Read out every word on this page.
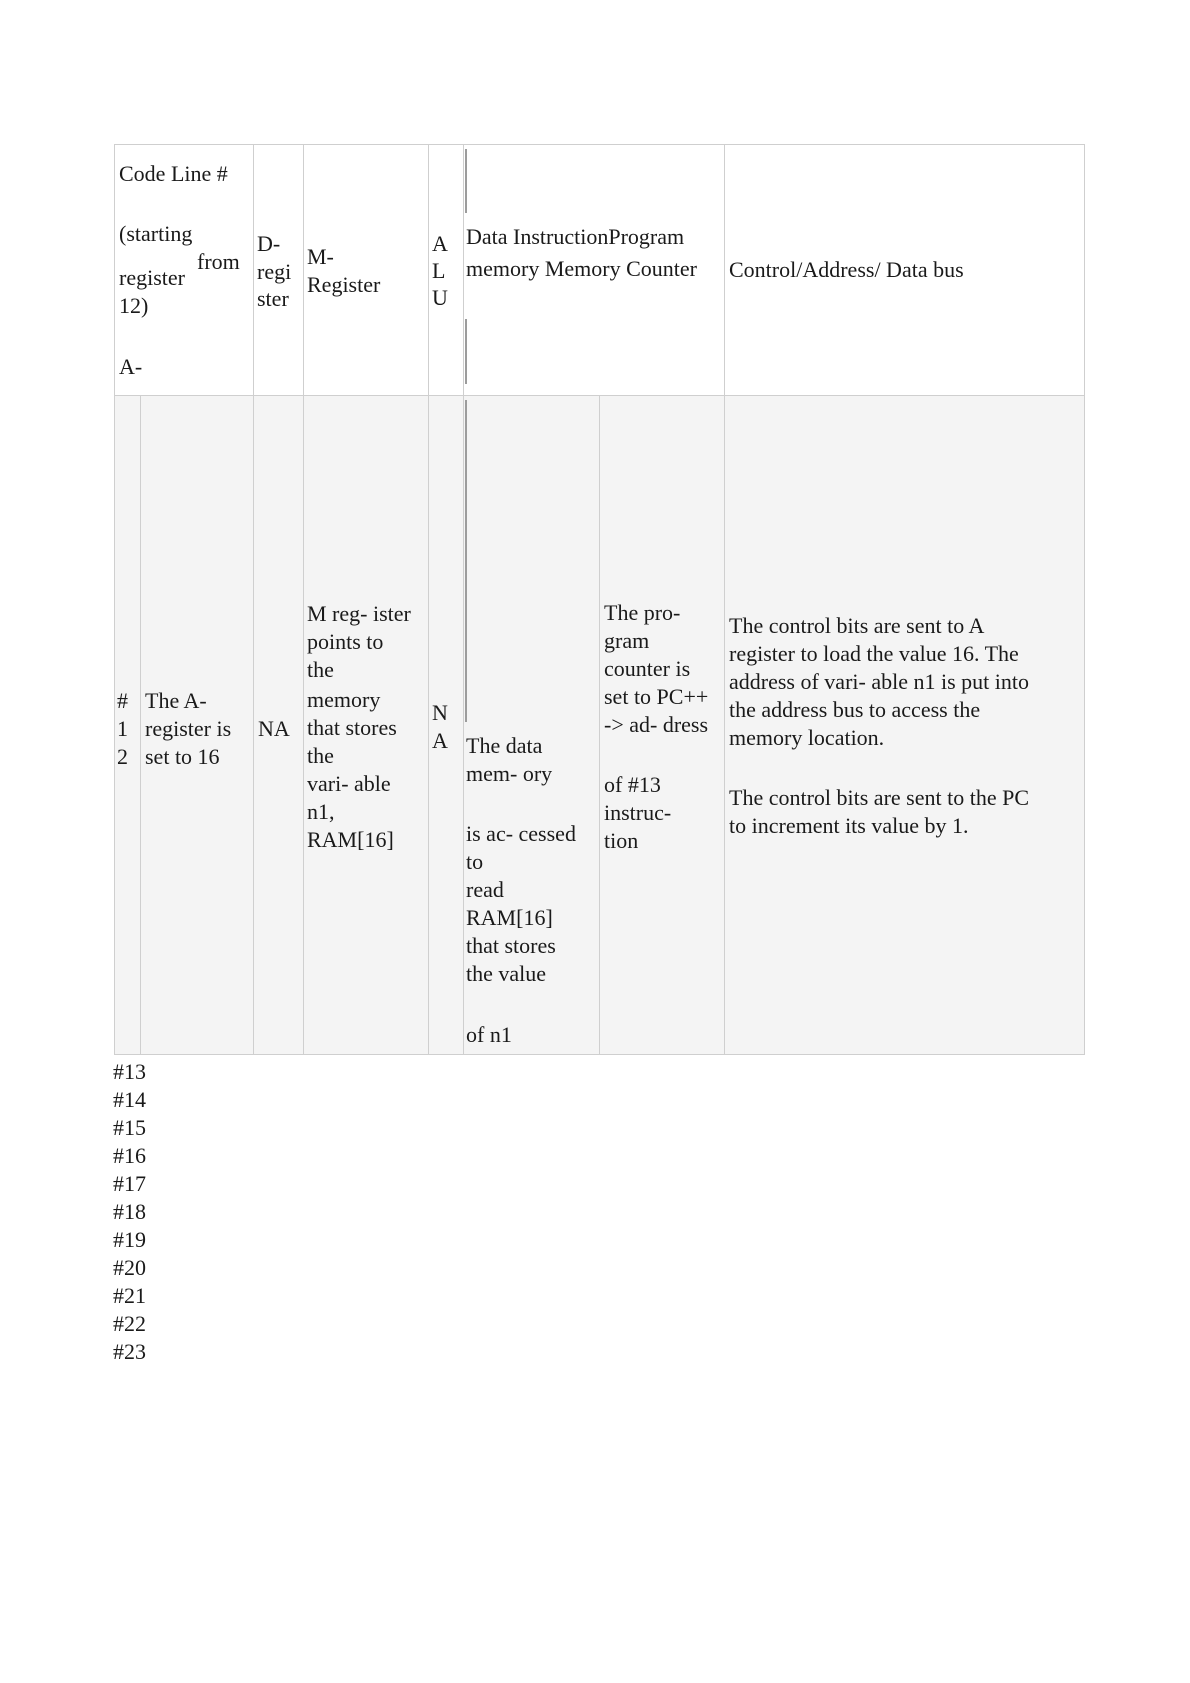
Code Line #
(starting
from
register
12)
A-
D-
regi
ster
M-
Register
A
L
U
Data InstructionProgram
memory Memory Counter Control/Address/ Data bus
#
1
2
The A-
register is
set to 16
NA
M reg- ister
points to
the
memory
that stores
the
vari- able
n1,
RAM[16]
N
A The data
mem- ory
is ac- cessed
to
read
RAM[16]
that stores
the value
of n1
The pro-
gram
counter is
set to PC++
-> ad- dress
of #13
instruc-
tion
The control bits are sent to A
register to load the value 16. The
address of vari- able n1 is put into
the address bus to access the
memory location.
The control bits are sent to the PC
to increment its value by 1.
#13
#14
#15
#16
#17
#18
#19
#20
#21
#22
#23
